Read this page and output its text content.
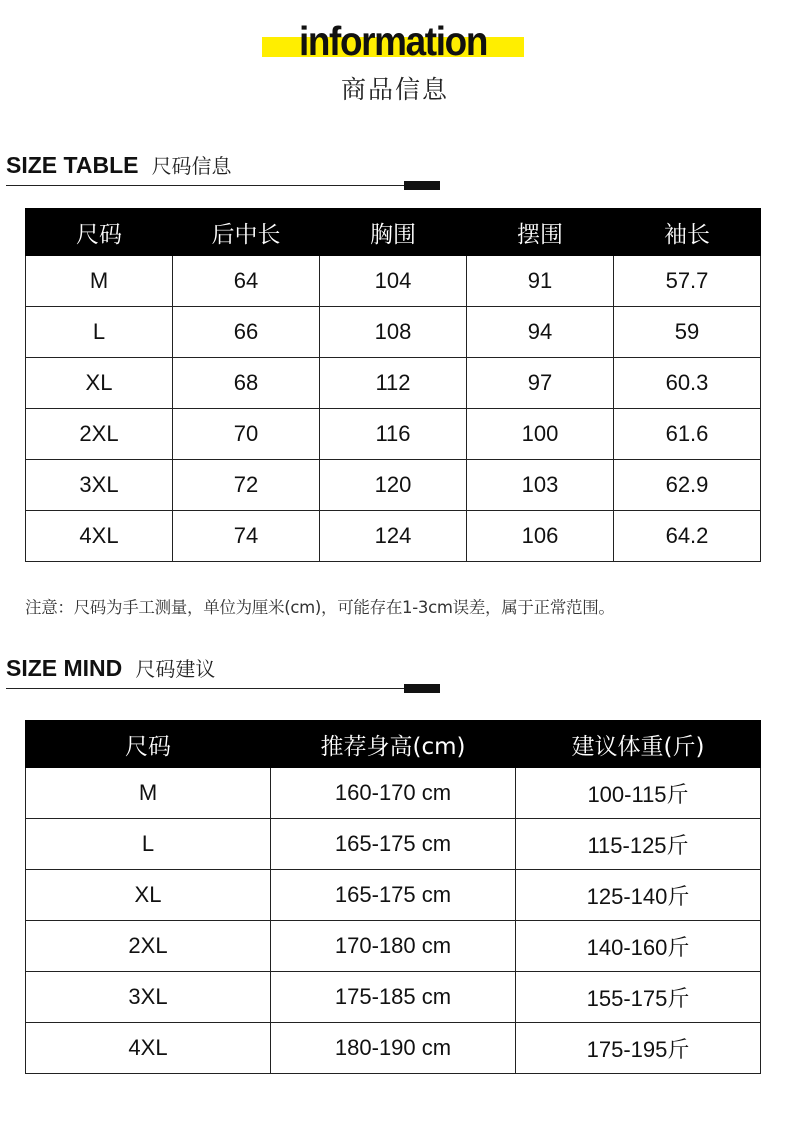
information
商品信息
SIZE TABLE 尺码信息
尺码	后中长	胸围	摆围	袖长
M	64	104	91	57.7
L	66	108	94	59
XL	68	112	97	60.3
2XL	70	116	100	61.6
3XL	72	120	103	62.9
4XL	74	124	106	64.2
注意：尺码为手工测量，单位为厘米(cm)，可能存在1-3cm误差，属于正常范围。
SIZE MIND 尺码建议
尺码	推荐身高(cm)	建议体重(斤)
M	160-170 cm	100-115斤
L	165-175 cm	115-125斤
XL	165-175 cm	125-140斤
2XL	170-180 cm	140-160斤
3XL	175-185 cm	155-175斤
4XL	180-190 cm	175-195斤
